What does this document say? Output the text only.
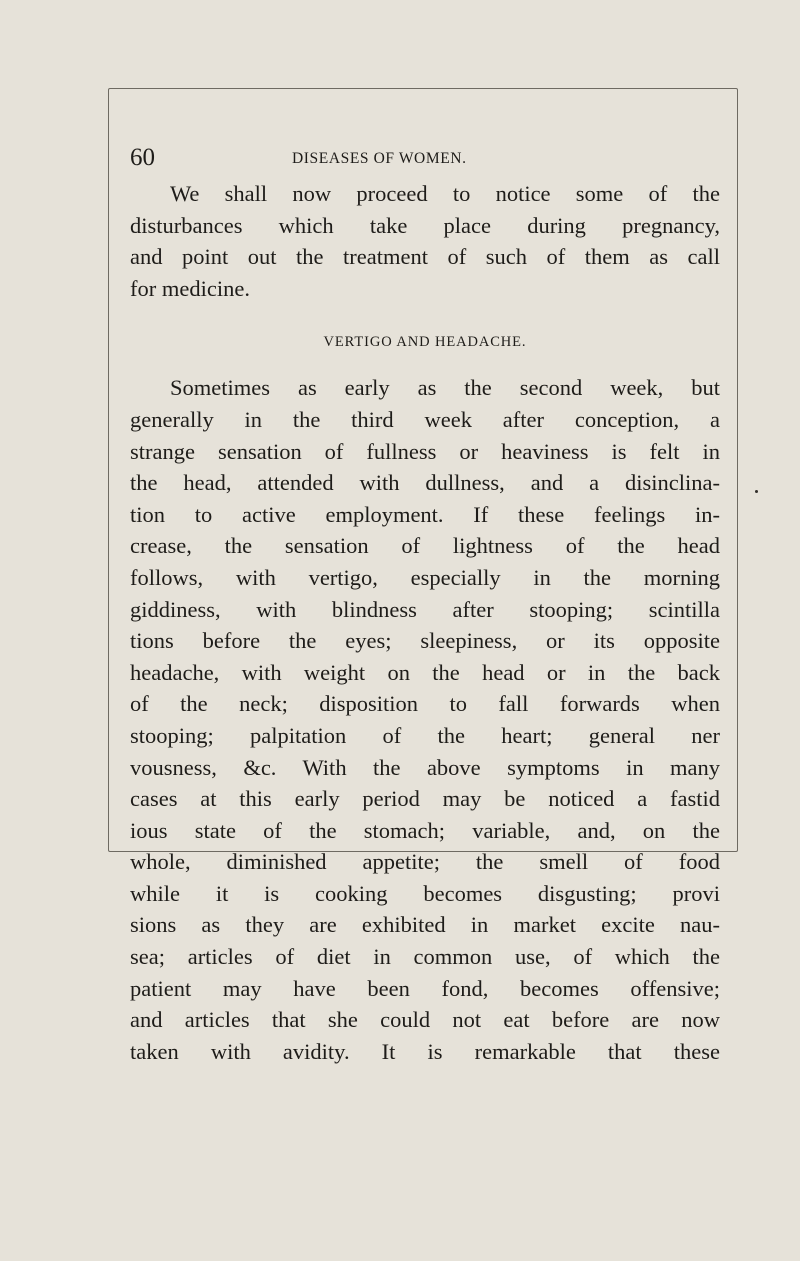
60	DISEASES OF WOMEN.
We shall now proceed to notice some of the
disturbances which take place during pregnancy,
and point out the treatment of such of them as call
for medicine.
VERTIGO AND HEADACHE.
Sometimes as early as the second week, but
generally in the third week after conception, a
strange sensation of fullness or heaviness is felt in
the head, attended with dullness, and a disinclina-
tion to active employment. If these feelings in-
crease, the sensation of lightness of the head
follows, with vertigo, especially in the morning
giddiness, with blindness after stooping; scintilla
tions before the eyes; sleepiness, or its opposite
headache, with weight on the head or in the back
of the neck; disposition to fall forwards when
stooping; palpitation of the heart; general ner
vousness, &c. With the above symptoms in many
cases at this early period may be noticed a fastid
ious state of the stomach; variable, and, on the
whole, diminished appetite; the smell of food
while it is cooking becomes disgusting; provi
sions as they are exhibited in market excite nau-
sea; articles of diet in common use, of which the
patient may have been fond, becomes offensive;
and articles that she could not eat before are now
taken with avidity. It is remarkable that these
